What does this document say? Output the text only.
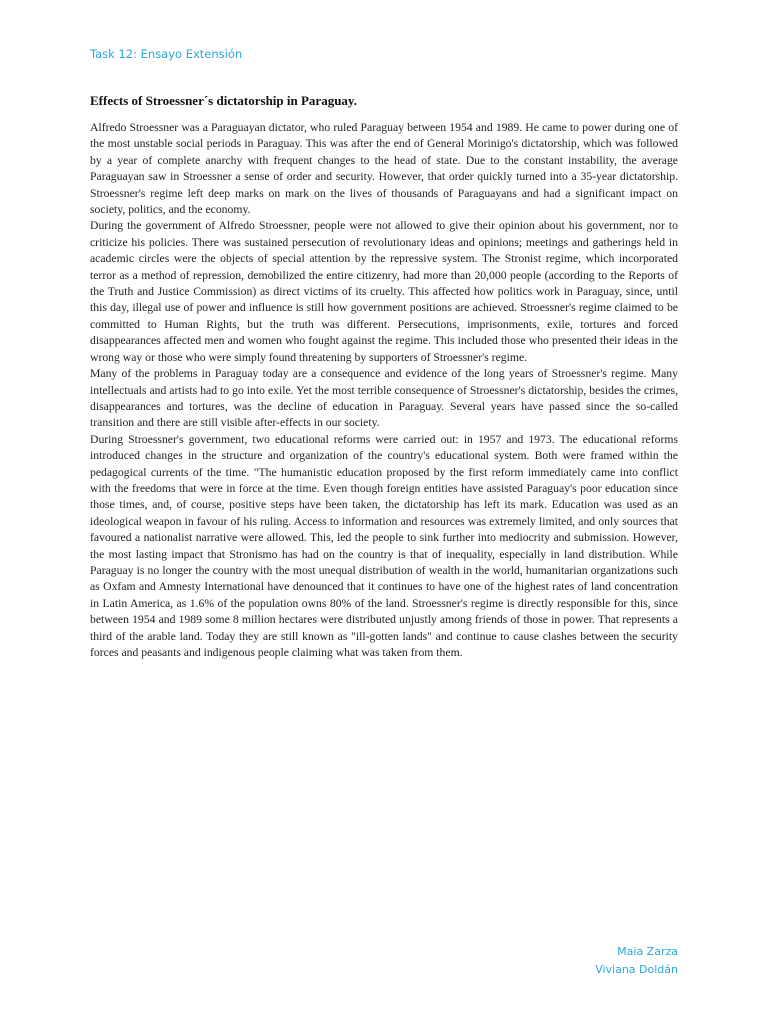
Task 12: Ensayo Extensión
Effects of Stroessner´s dictatorship in Paraguay.

Alfredo Stroessner was a Paraguayan dictator, who ruled Paraguay between 1954 and 1989. He came to power during one of the most unstable social periods in Paraguay. This was after the end of General Morinigo's dictatorship, which was followed by a year of complete anarchy with frequent changes to the head of state. Due to the constant instability, the average Paraguayan saw in Stroessner a sense of order and security. However, that order quickly turned into a 35-year dictatorship. Stroessner's regime left deep marks on mark on the lives of thousands of Paraguayans and had a significant impact on society, politics, and the economy.

During the government of Alfredo Stroessner, people were not allowed to give their opinion about his government, nor to criticize his policies. There was sustained persecution of revolutionary ideas and opinions; meetings and gatherings held in academic circles were the objects of special attention by the repressive system. The Stronist regime, which incorporated terror as a method of repression, demobilized the entire citizenry, had more than 20,000 people (according to the Reports of the Truth and Justice Commission) as direct victims of its cruelty. This affected how politics work in Paraguay, since, until this day, illegal use of power and influence is still how government positions are achieved. Stroessner's regime claimed to be committed to Human Rights, but the truth was different. Persecutions, imprisonments, exile, tortures and forced disappearances affected men and women who fought against the regime. This included those who presented their ideas in the wrong way or those who were simply found threatening by supporters of Stroessner's regime.

Many of the problems in Paraguay today are a consequence and evidence of the long years of Stroessner's regime. Many intellectuals and artists had to go into exile. Yet the most terrible consequence of Stroessner's dictatorship, besides the crimes, disappearances and tortures, was the decline of education in Paraguay. Several years have passed since the so-called transition and there are still visible after-effects in our society.

During Stroessner's government, two educational reforms were carried out: in 1957 and 1973. The educational reforms introduced changes in the structure and organization of the country's educational system. Both were framed within the pedagogical currents of the time. "The humanistic education proposed by the first reform immediately came into conflict with the freedoms that were in force at the time. Even though foreign entities have assisted Paraguay's poor education since those times, and, of course, positive steps have been taken, the dictatorship has left its mark. Education was used as an ideological weapon in favour of his ruling. Access to information and resources was extremely limited, and only sources that favoured a nationalist narrative were allowed. This, led the people to sink further into mediocrity and submission. However, the most lasting impact that Stronismo has had on the country is that of inequality, especially in land distribution. While Paraguay is no longer the country with the most unequal distribution of wealth in the world, humanitarian organizations such as Oxfam and Amnesty International have denounced that it continues to have one of the highest rates of land concentration in Latin America, as 1.6% of the population owns 80% of the land. Stroessner's regime is directly responsible for this, since between 1954 and 1989 some 8 million hectares were distributed unjustly among friends of those in power. That represents a third of the arable land. Today they are still known as "ill-gotten lands" and continue to cause clashes between the security forces and peasants and indigenous people claiming what was taken from them.

Maia Zarza
Viviana Doldán
